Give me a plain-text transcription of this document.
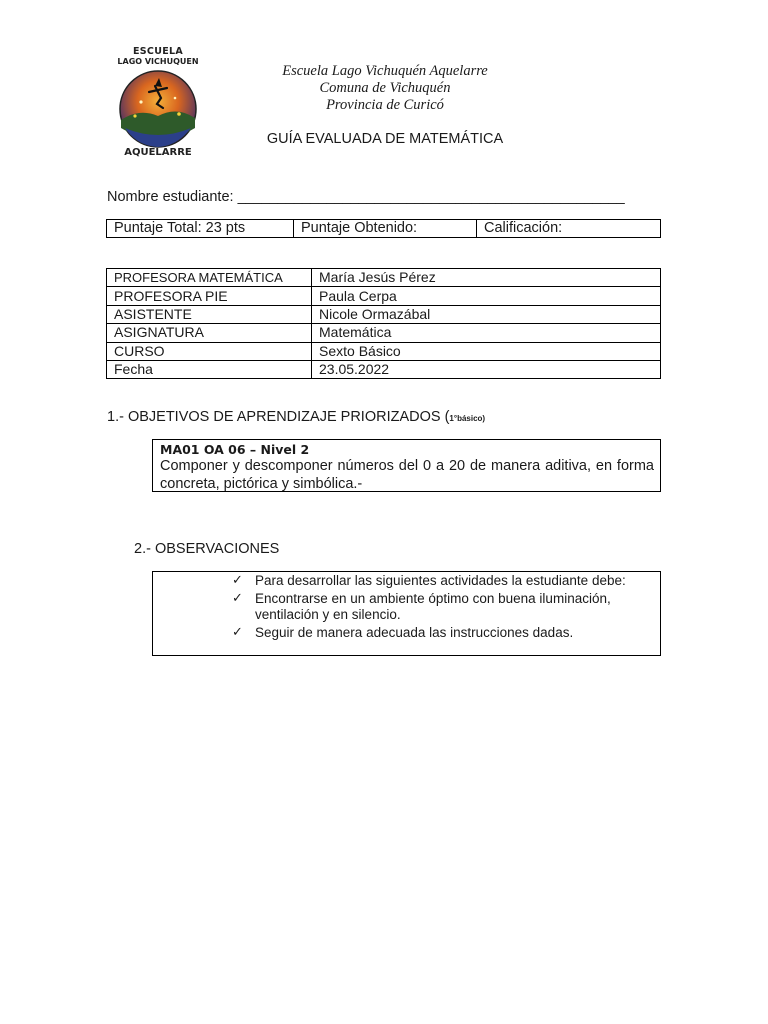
ESCUELA
LAGO VICHUQUEN
AQUELARRE
Escuela Lago Vichuquén Aquelarre
Comuna de Vichuquén
Provincia de Curicó
GUÍA EVALUADA DE MATEMÁTICA
Nombre estudiante: ________________________________________________
Puntaje Total: 23 pts	Puntaje Obtenido:	Calificación:
PROFESORA MATEMÁTICA	María Jesús Pérez
PROFESORA PIE	Paula Cerpa
ASISTENTE	Nicole Ormazábal
ASIGNATURA	Matemática
CURSO	Sexto Básico
Fecha	23.05.2022
1.- OBJETIVOS DE APRENDIZAJE PRIORIZADOS (1°básico)
MA01 OA 06 – Nivel 2
Componer y descomponer números del 0 a 20 de manera aditiva, en forma concreta, pictórica y simbólica.-
2.- OBSERVACIONES
✓ Para desarrollar las siguientes actividades la estudiante debe:
✓ Encontrarse en un ambiente óptimo con buena iluminación, ventilación y en silencio.
✓ Seguir de manera adecuada las instrucciones dadas.
